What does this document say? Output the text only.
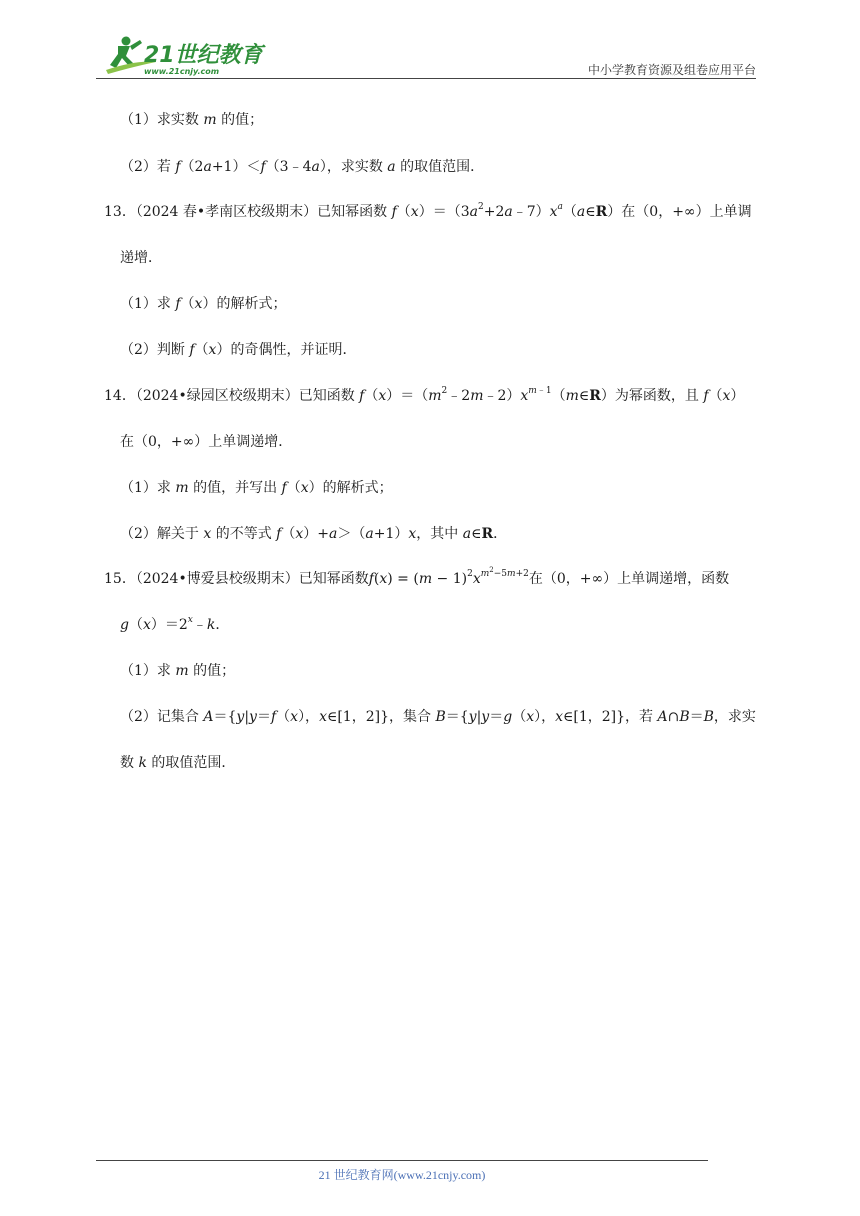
21世纪教育
www.21cnjy.com	中小学教育资源及组卷应用平台
（1）求实数 m 的值；
（2）若 f（2a+1）＜f（3﹣4a），求实数 a 的取值范围．
13．（2024 春•孝南区校级期末）已知幂函数 $f(x)=(3a^2+2a﹣7)x^a(a\in R)$在（0，+∞）上单调
递增．
（1）求 f（x）的解析式；
（2）判断 f（x）的奇偶性，并证明．
14．（2024•绿园区校级期末）已知函数 $f(x)=(m^2﹣2m﹣2)x^{m﹣1}(m\in R)$为幂函数，且 f（x）
在（0，+∞）上单调递增．
（1）求 m 的值，并写出 f（x）的解析式；
（2）解关于 x 的不等式 f（x）+a＞（a+1）x，其中 a∈R．
15．（2024•博爱县校级期末）已知幂函数$f(x) = (m - 1)^2x^{m^2-5m+2}$在（0，+∞）上单调递增，函数
$g(x)=2^x﹣k$．
（1）求 m 的值；
（2）记集合 A＝{y|y＝f（x），x∈[1，2]}，集合 B＝{y|y＝g（x），x∈[1，2]}，若 A∩B＝B，求实
数 k 的取值范围．
21 世纪教育网(www.21cnjy.com)
